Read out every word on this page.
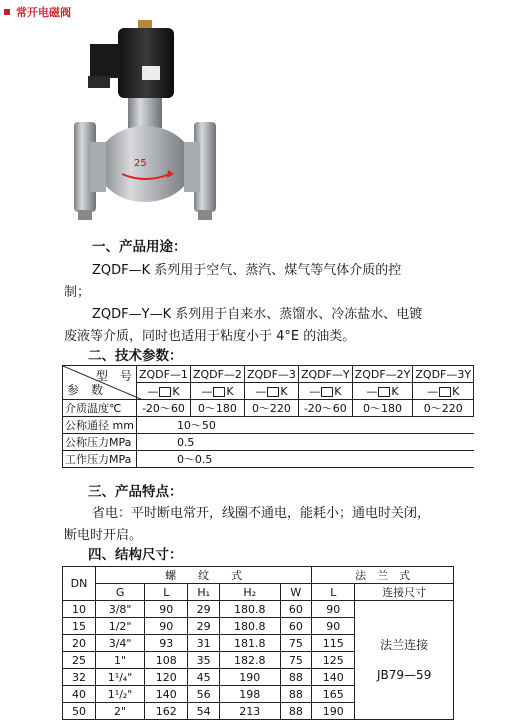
常开电磁阀
25
一、产品用途：
ZQDF—K 系列用于空气、蒸汽、煤气等气体介质的控
制；
ZQDF—Y—K 系列用于自来水、蒸馏水、冷冻盐水、电镀
废液等介质，同时也适用于粘度小于 4°E 的油类。
二、技术参数：
型　号
参　数	ZQDF—1	ZQDF—2	ZQDF—3	ZQDF—Y	ZQDF—2Y	ZQDF—3Y
	— K	— K	— K	— K	— K	— K
介质温度℃	-20～60	0～180	0～220	-20～60	0～180	0～220
公称通径 mm	10～50					
公称压力MPa	0.5					
工作压力MPa	0～0.5					
三、产品特点：
省电：平时断电常开，线圈不通电，能耗小；通电时关闭，
断电时开启。
四、结构尺寸：
DN	螺　　纹　　式					法　兰　式	
	G	L	H₁	H₂	W	L	连接尺寸
10	3/8"	90	29	180.8	60	90	法兰连接
JB79—59

15	1/2"	90	29	180.8	60	90	
20	3/4"	93	31	181.8	75	115	
25	1"	108	35	182.8	75	125	
32	1¹/₄"	120	45	190	88	140	
40	1¹/₂"	140	56	198	88	165	
50	2"	162	54	213	88	190	
